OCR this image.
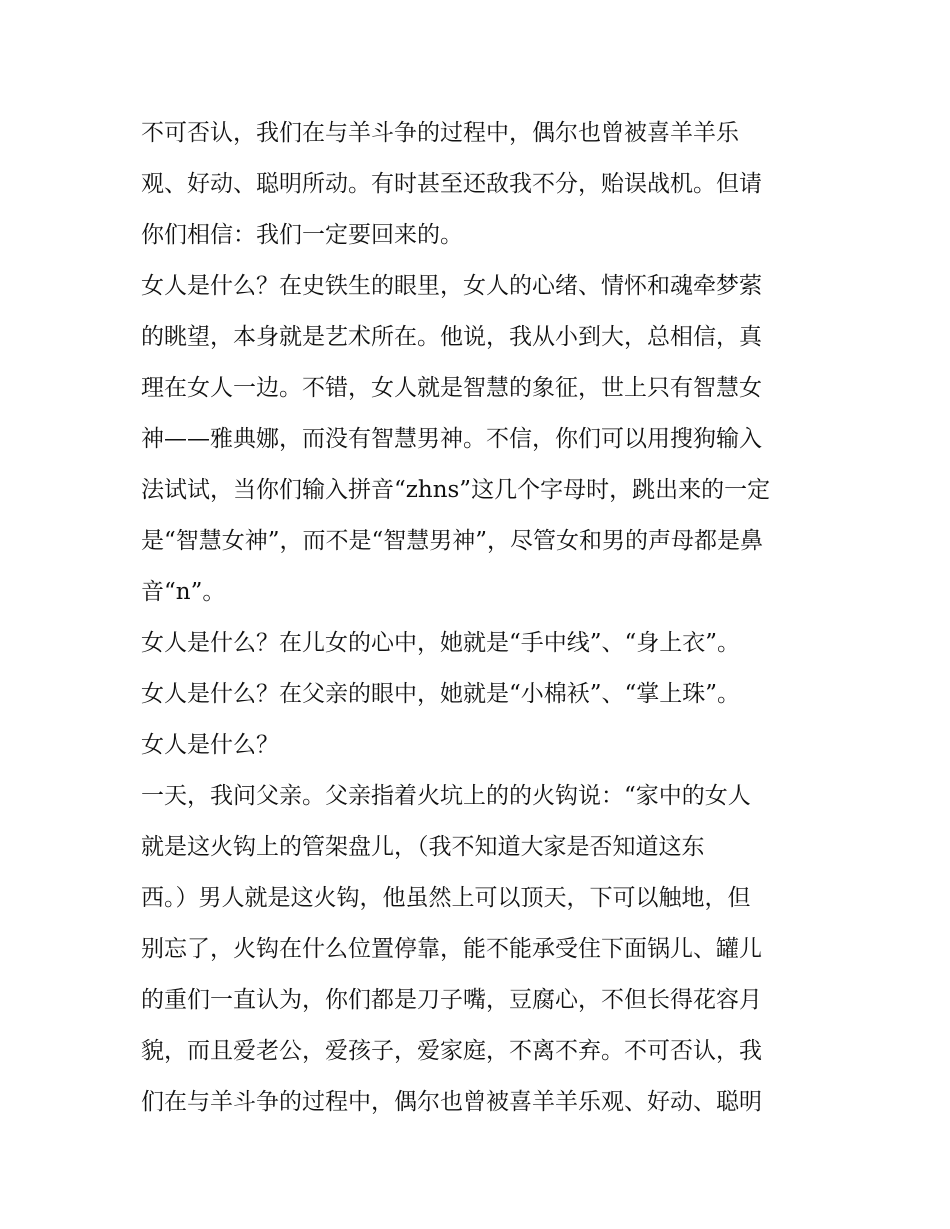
不可否认，我们在与羊斗争的过程中，偶尔也曾被喜羊羊乐
观、好动、聪明所动。有时甚至还敌我不分，贻误战机。但请
你们相信：我们一定要回来的。
女人是什么？在史铁生的眼里，女人的心绪、情怀和魂牵梦萦
的眺望，本身就是艺术所在。他说，我从小到大，总相信，真
理在女人一边。不错，女人就是智慧的象征，世上只有智慧女
神——雅典娜，而没有智慧男神。不信，你们可以用搜狗输入
法试试，当你们输入拼音“zhns”这几个字母时，跳出来的一定
是“智慧女神”，而不是“智慧男神”，尽管女和男的声母都是鼻
音“n”。
女人是什么？在儿女的心中，她就是“手中线”、“身上衣”。
女人是什么？在父亲的眼中，她就是“小棉袄”、“掌上珠”。
女人是什么？
一天，我问父亲。父亲指着火坑上的的火钩说：“家中的女人
就是这火钩上的管架盘儿，（我不知道大家是否知道这东
西。）男人就是这火钩，他虽然上可以顶天，下可以触地，但
别忘了，火钩在什么位置停靠，能不能承受住下面锅儿、罐儿
的重们一直认为，你们都是刀子嘴，豆腐心，不但长得花容月
貌，而且爱老公，爱孩子，爱家庭，不离不弃。不可否认，我
们在与羊斗争的过程中，偶尔也曾被喜羊羊乐观、好动、聪明
